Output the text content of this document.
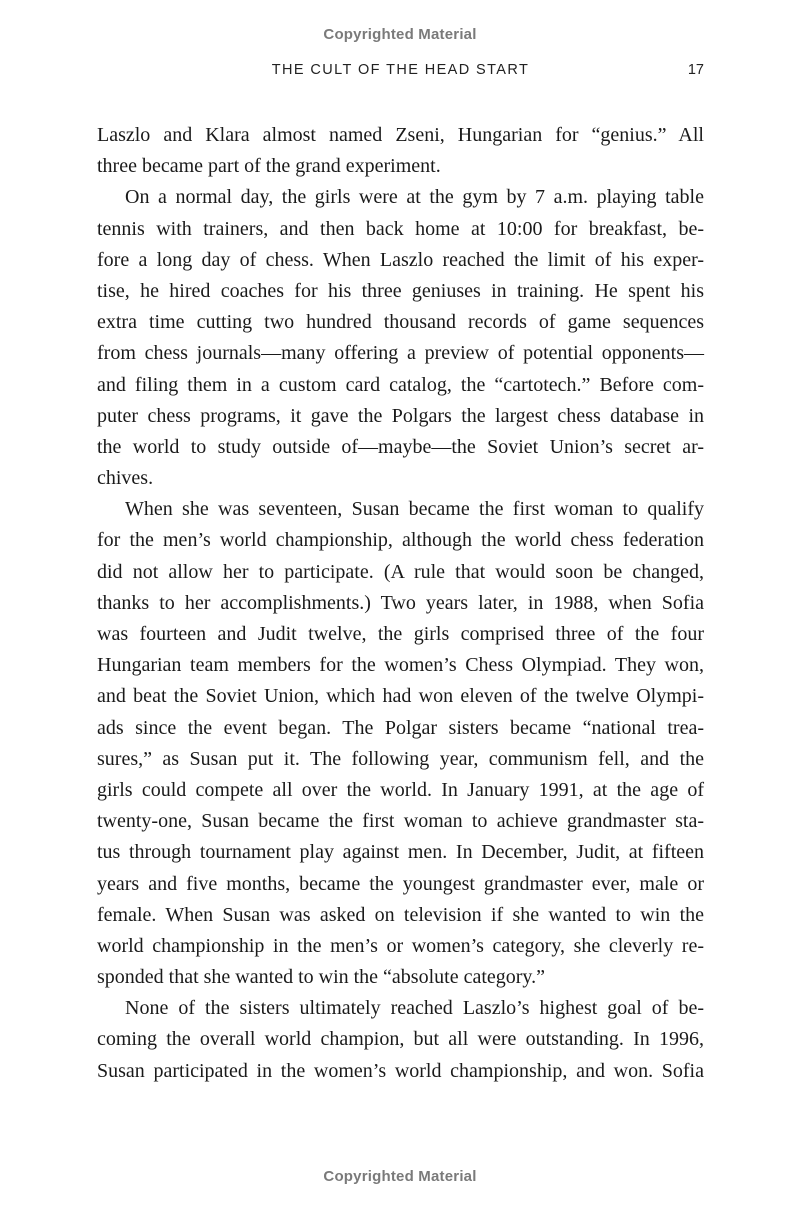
Copyrighted Material
THE CULT OF THE HEAD START	17
Laszlo and Klara almost named Zseni, Hungarian for “genius.” All
three became part of the grand experiment.
On a normal day, the girls were at the gym by 7 a.m. playing table
tennis with trainers, and then back home at 10:00 for breakfast, be-
fore a long day of chess. When Laszlo reached the limit of his exper-
tise, he hired coaches for his three geniuses in training. He spent his
extra time cutting two hundred thousand records of game sequences
from chess journals—many offering a preview of potential opponents—
and filing them in a custom card catalog, the “cartotech.” Before com-
puter chess programs, it gave the Polgars the largest chess database in
the world to study outside of—maybe—the Soviet Union’s secret ar-
chives.
When she was seventeen, Susan became the first woman to qualify
for the men’s world championship, although the world chess federation
did not allow her to participate. (A rule that would soon be changed,
thanks to her accomplishments.) Two years later, in 1988, when Sofia
was fourteen and Judit twelve, the girls comprised three of the four
Hungarian team members for the women’s Chess Olympiad. They won,
and beat the Soviet Union, which had won eleven of the twelve Olympi-
ads since the event began. The Polgar sisters became “national trea-
sures,” as Susan put it. The following year, communism fell, and the
girls could compete all over the world. In January 1991, at the age of
twenty-one, Susan became the first woman to achieve grandmaster sta-
tus through tournament play against men. In December, Judit, at fifteen
years and five months, became the youngest grandmaster ever, male or
female. When Susan was asked on television if she wanted to win the
world championship in the men’s or women’s category, she cleverly re-
sponded that she wanted to win the “absolute category.”
None of the sisters ultimately reached Laszlo’s highest goal of be-
coming the overall world champion, but all were outstanding. In 1996,
Susan participated in the women’s world championship, and won. Sofia
Copyrighted Material
